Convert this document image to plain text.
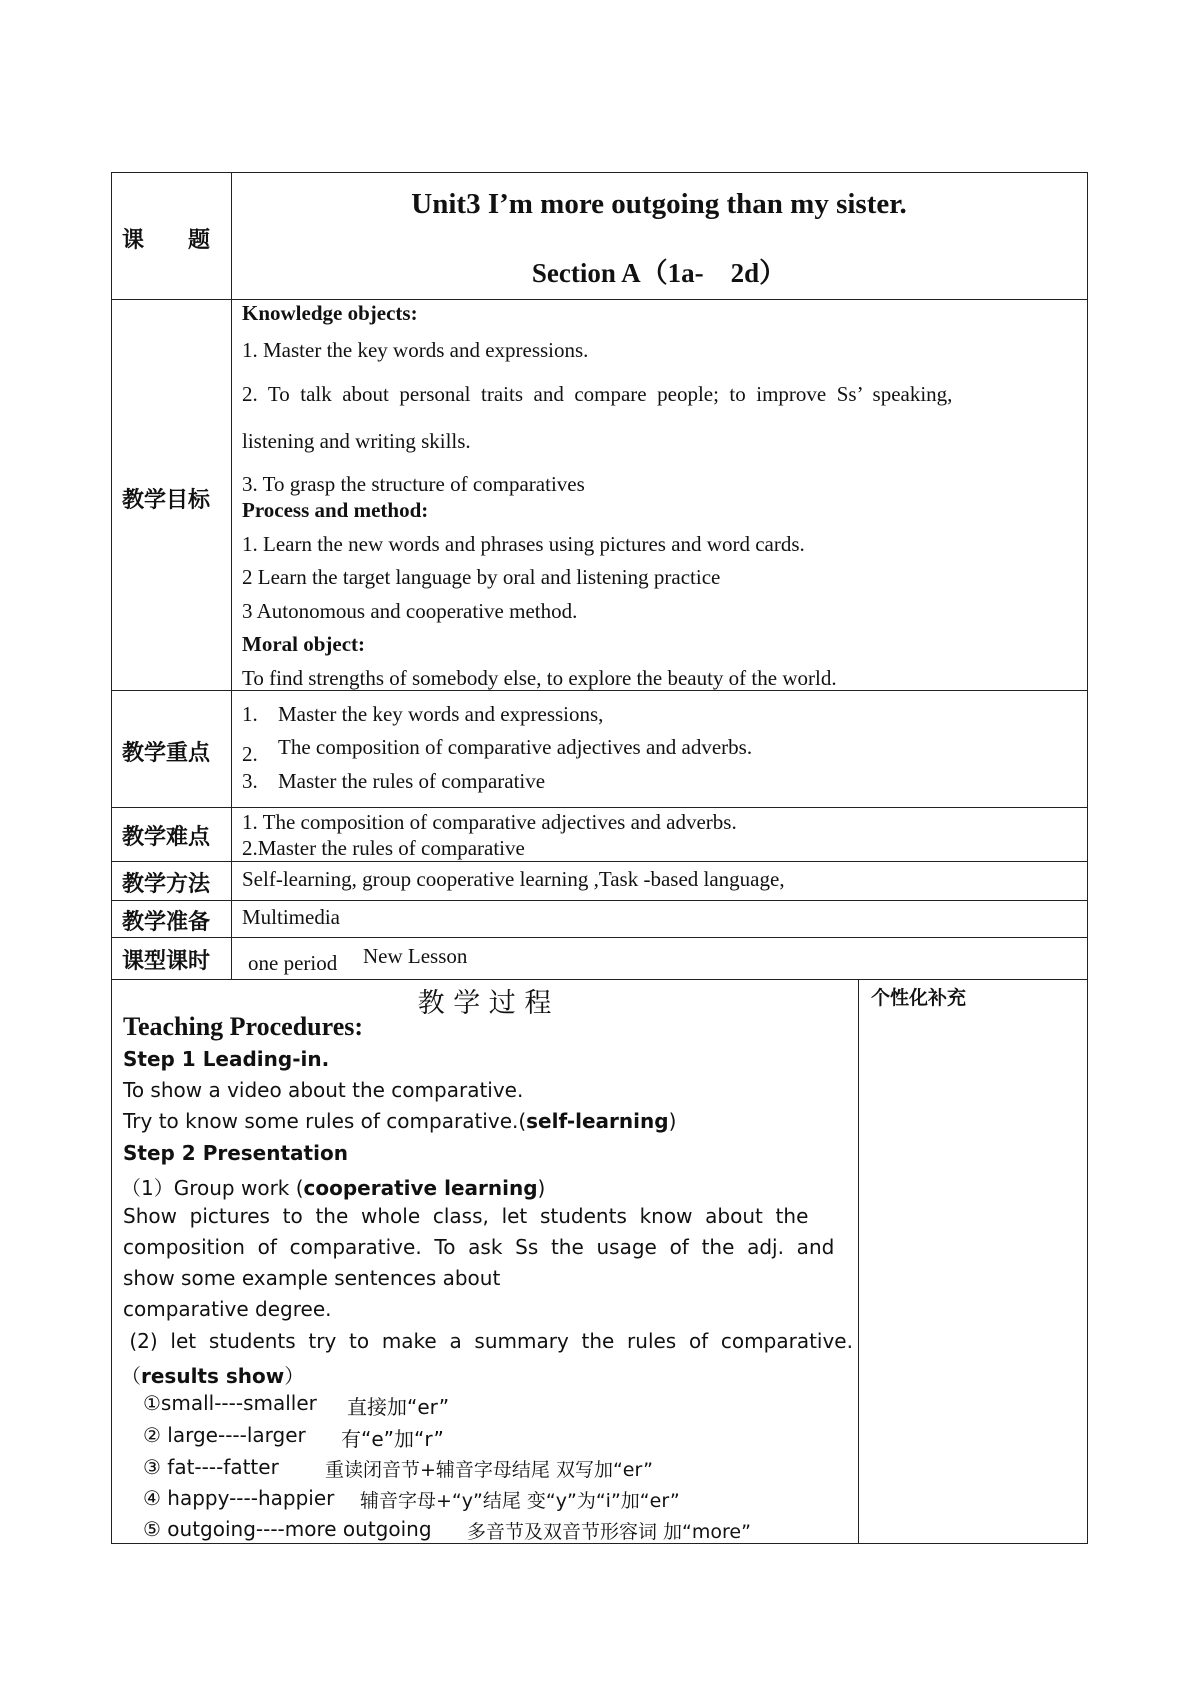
课　　题
Unit3 I’m more outgoing than my sister.
Section A（1a-　2d）
教学目标
Knowledge objects:
1. Master the key words and expressions.
2.  To  talk  about  personal  traits  and  compare  people;  to  improve  Ss’  speaking,
listening and writing skills.
3. To grasp the structure of comparatives
Process and method:
1. Learn the new words and phrases using pictures and word cards.
2 Learn the target language by oral and listening practice
3 Autonomous and cooperative method.
Moral object:
To find strengths of somebody else, to explore the beauty of the world.
教学重点
1. Master the key words and expressions,
2. The composition of comparative adjectives and adverbs.
3. Master the rules of comparative
教学难点
1. The composition of comparative adjectives and adverbs.
2.Master the rules of comparative
教学方法 Self-learning, group cooperative learning ,Task -based language,
教学准备 Multimedia
课型课时 one period New Lesson
教 学 过 程	个性化补充
Teaching Procedures:
Step 1 Leading-in.
To show a video about the comparative.
Try to know some rules of comparative.(self-learning)
Step 2 Presentation
（1）Group work (cooperative learning)
Show  pictures  to  the  whole  class,  let  students  know  about  the
composition  of  comparative.  To  ask  Ss  the  usage  of  the  adj.  and
show some example sentences about
comparative degree.
(2)  let  students  try  to  make  a  summary  the  rules  of  comparative.
（results show）
①small----smaller 直接加“er”
② large----larger 有“e”加“r”
③ fat----fatter 重读闭音节+辅音字母结尾 双写加“er”
④ happy----happier 辅音字母+“y”结尾 变“y”为“i”加“er”
⑤ outgoing----more outgoing 多音节及双音节形容词 加“more”
